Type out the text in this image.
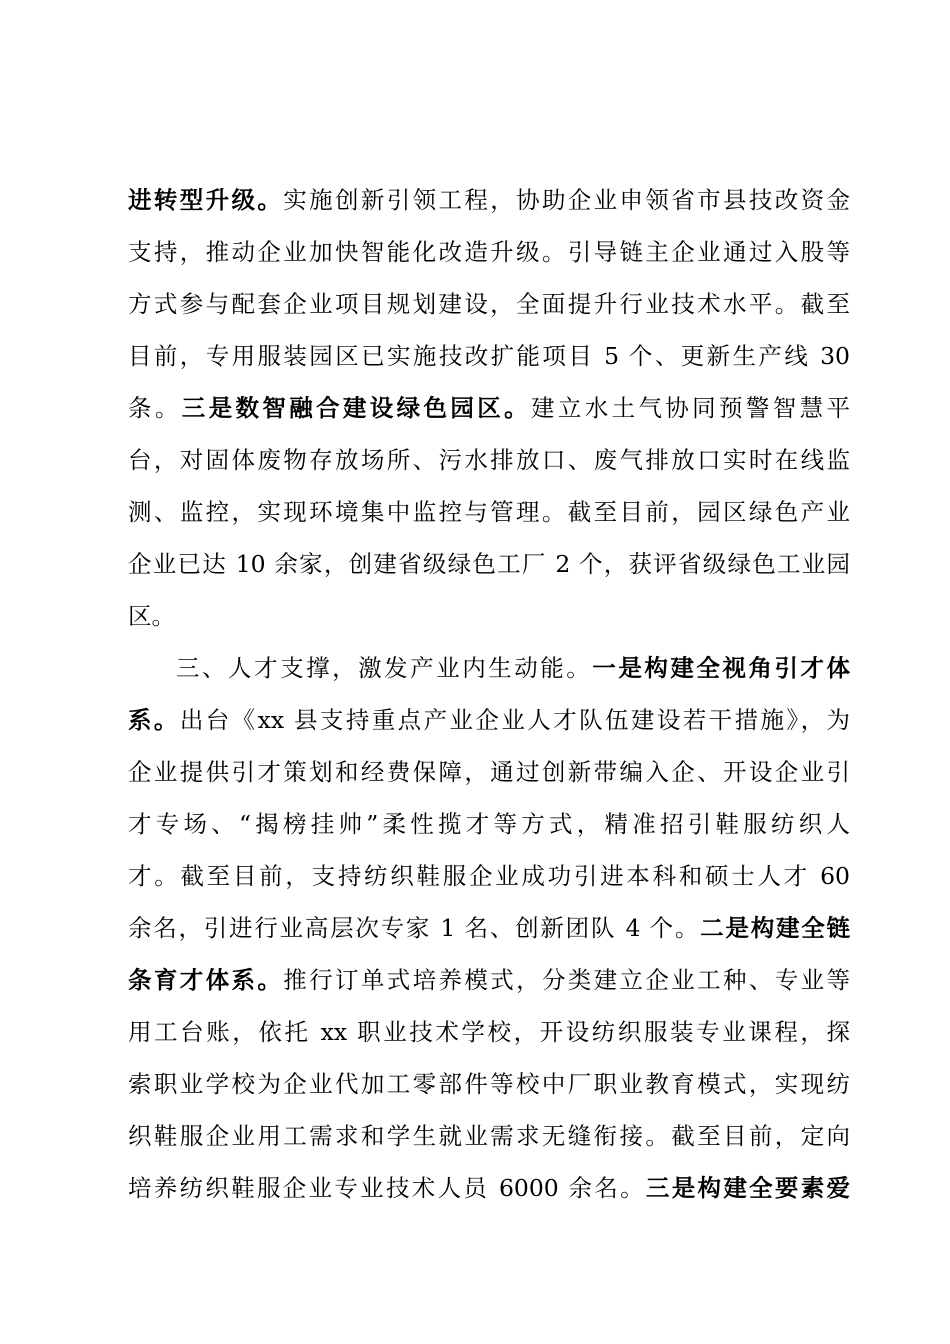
进转型升级。实施创新引领工程，协助企业申领省市县技改资金
支持，推动企业加快智能化改造升级。引导链主企业通过入股等
方式参与配套企业项目规划建设，全面提升行业技术水平。截至
目前，专用服装园区已实施技改扩能项目 5 个、更新生产线 30
条。三是数智融合建设绿色园区。建立水土气协同预警智慧平
台，对固体废物存放场所、污水排放口、废气排放口实时在线监
测、监控，实现环境集中监控与管理。截至目前，园区绿色产业
企业已达 10 余家，创建省级绿色工厂 2 个，获评省级绿色工业园
区。
三、人才支撑，激发产业内生动能。一是构建全视角引才体
系。出台《xx 县支持重点产业企业人才队伍建设若干措施》，为
企业提供引才策划和经费保障，通过创新带编入企、开设企业引
才专场、“揭榜挂帅”柔性揽才等方式，精准招引鞋服纺织人
才。截至目前，支持纺织鞋服企业成功引进本科和硕士人才 60
余名，引进行业高层次专家 1 名、创新团队 4 个。二是构建全链
条育才体系。推行订单式培养模式，分类建立企业工种、专业等
用工台账，依托 xx 职业技术学校，开设纺织服装专业课程，探
索职业学校为企业代加工零部件等校中厂职业教育模式，实现纺
织鞋服企业用工需求和学生就业需求无缝衔接。截至目前，定向
培养纺织鞋服企业专业技术人员 6000 余名。三是构建全要素爱
